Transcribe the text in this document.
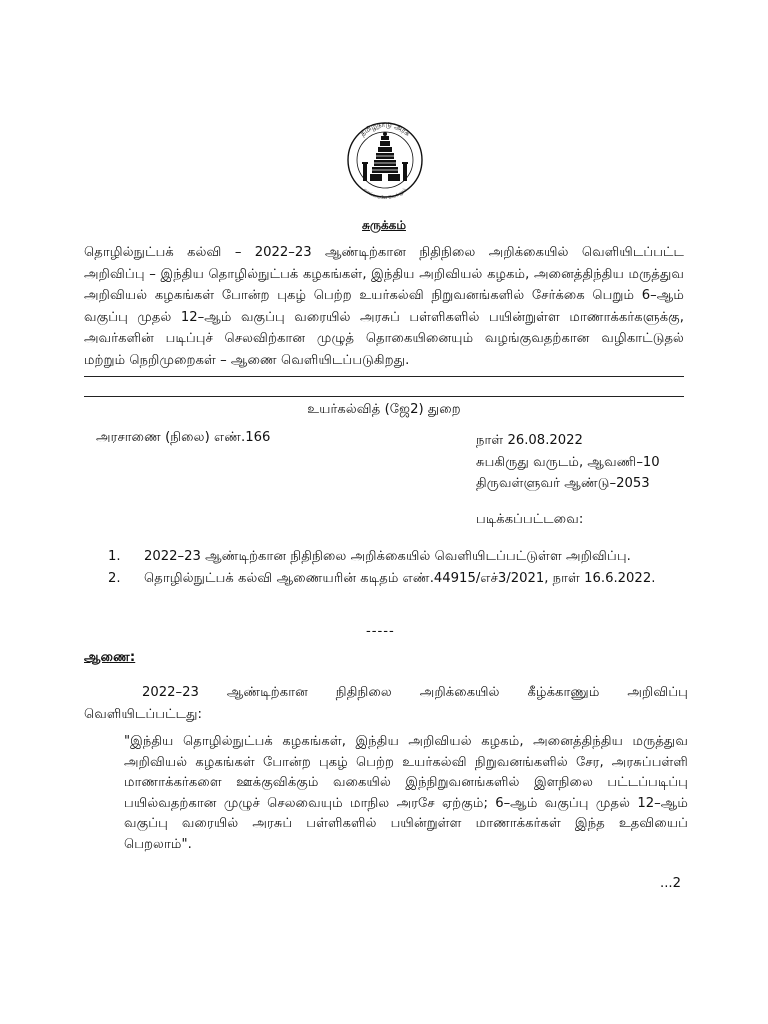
தமிழ்நாடு அரசு
வாய்மையே வெல்லும்
சுருக்கம்

தொழில்நுட்பக் கல்வி – 2022–23 ஆண்டிற்கான நிதிநிலை அறிக்கையில் வெளியிடப்பட்ட அறிவிப்பு – இந்திய தொழில்நுட்பக் கழகங்கள், இந்திய அறிவியல் கழகம், அனைத்திந்திய மருத்துவ அறிவியல் கழகங்கள் போன்ற புகழ் பெற்ற உயர்கல்வி நிறுவனங்களில் சேர்க்கை பெறும் 6–ஆம் வகுப்பு முதல் 12–ஆம் வகுப்பு வரையில் அரசுப் பள்ளிகளில் பயின்றுள்ள மாணாக்கர்களுக்கு, அவர்களின் படிப்புச் செலவிற்கான முழுத் தொகையினையும் வழங்குவதற்கான வழிகாட்டுதல் மற்றும் நெறிமுறைகள் – ஆணை வெளியிடப்படுகிறது.

உயர்கல்வித் (ஜே2) துறை
அரசாணை (நிலை) எண்.166	நாள் 26.08.2022
சுபகிருது வருடம், ஆவணி–10
திருவள்ளுவர் ஆண்டு–2053
படிக்கப்பட்டவை:
1.	2022–23 ஆண்டிற்கான நிதிநிலை அறிக்கையில் வெளியிடப்பட்டுள்ள அறிவிப்பு.
2.	தொழில்நுட்பக் கல்வி ஆணையரின் கடிதம் எண்.44915/எச்3/2021, நாள் 16.6.2022.
-----
ஆணை:

2022–23 ஆண்டிற்கான நிதிநிலை அறிக்கையில் கீழ்க்காணும் அறிவிப்பு வெளியிடப்பட்டது:

"இந்திய தொழில்நுட்பக் கழகங்கள், இந்திய அறிவியல் கழகம், அனைத்திந்திய மருத்துவ அறிவியல் கழகங்கள் போன்ற புகழ் பெற்ற உயர்கல்வி நிறுவனங்களில் சேர, அரசுப்பள்ளி மாணாக்கர்களை ஊக்குவிக்கும் வகையில் இந்நிறுவனங்களில் இளநிலை பட்டப்படிப்பு பயில்வதற்கான முழுச் செலவையும் மாநில அரசே ஏற்கும்; 6–ஆம் வகுப்பு முதல் 12–ஆம் வகுப்பு வரையில் அரசுப் பள்ளிகளில் பயின்றுள்ள மாணாக்கர்கள் இந்த உதவியைப் பெறலாம்".

...2
